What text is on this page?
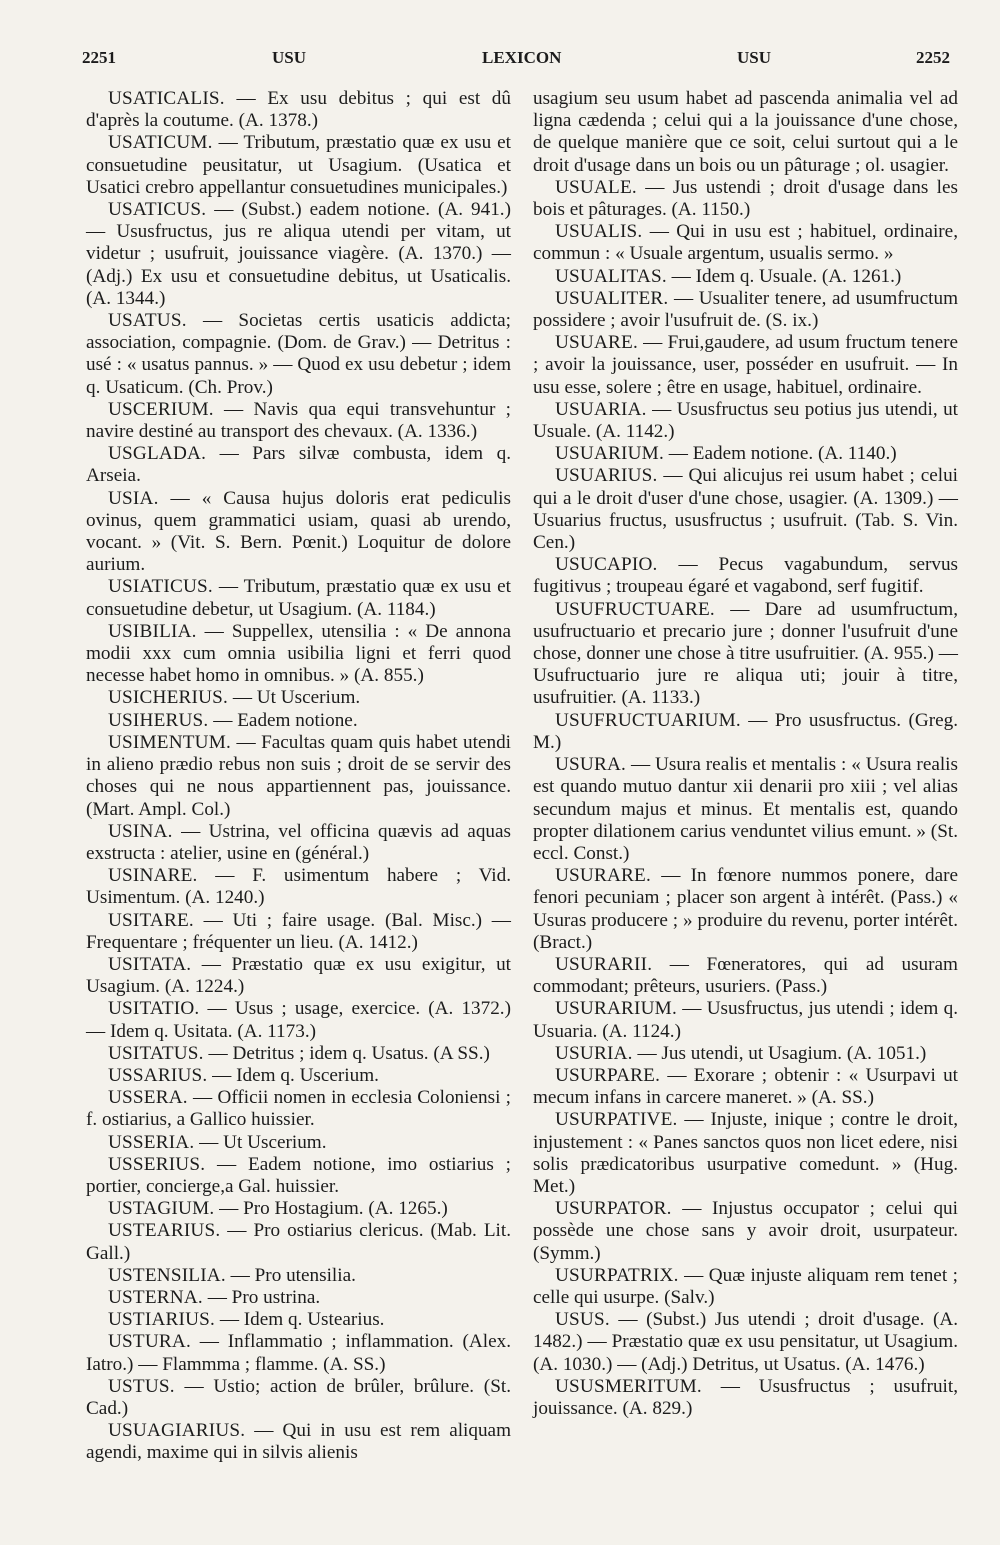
2251	USU	LEXICON	USU	2252

USATICALIS. — Ex usu debitus ; qui est dû d'après la coutume. (A. 1378.)

USATICUM. — Tributum, præstatio quæ ex usu et consuetudine peusitatur, ut Usagium. (Usatica et Usatici crebro appellantur consuetudines municipales.)

USATICUS. — (Subst.) eadem notione. (A. 941.) — Ususfructus, jus re aliqua utendi per vitam, ut videtur ; usufruit, jouissance viagère. (A. 1370.) — (Adj.) Ex usu et consuetudine debitus, ut Usaticalis. (A. 1344.)

USATUS. — Societas certis usaticis addicta; association, compagnie. (Dom. de Grav.) — Detritus : usé : « usatus pannus. » — Quod ex usu debetur ; idem q. Usaticum. (Ch. Prov.)

USCERIUM. — Navis qua equi transvehuntur ; navire destiné au transport des chevaux. (A. 1336.)

USGLADA. — Pars silvæ combusta, idem q. Arseia.

USIA. — « Causa hujus doloris erat pediculis ovinus, quem grammatici usiam, quasi ab urendo, vocant. » (Vit. S. Bern. Pœnit.) Loquitur de dolore aurium.

USIATICUS. — Tributum, præstatio quæ ex usu et consuetudine debetur, ut Usagium. (A. 1184.)

USIBILIA. — Suppellex, utensilia : « De annona modii xxx cum omnia usibilia ligni et ferri quod necesse habet homo in omnibus. » (A. 855.)

USICHERIUS. — Ut Uscerium.

USIHERUS. — Eadem notione.

USIMENTUM. — Facultas quam quis habet utendi in alieno prædio rebus non suis ; droit de se servir des choses qui ne nous appartiennent pas, jouissance. (Mart. Ampl. Col.)

USINA. — Ustrina, vel officina quævis ad aquas exstructa : atelier, usine en (général.)

USINARE. — F. usimentum habere ; Vid. Usimentum. (A. 1240.)

USITARE. — Uti ; faire usage. (Bal. Misc.) — Frequentare ; fréquenter un lieu. (A. 1412.)

USITATA. — Præstatio quæ ex usu exigitur, ut Usagium. (A. 1224.)

USITATIO. — Usus ; usage, exercice. (A. 1372.) — Idem q. Usitata. (A. 1173.)

USITATUS. — Detritus ; idem q. Usatus. (A SS.)

USSARIUS. — Idem q. Uscerium.

USSERA. — Officii nomen in ecclesia Coloniensi ; f. ostiarius, a Gallico huissier.

USSERIA. — Ut Uscerium.

USSERIUS. — Eadem notione, imo ostiarius ; portier, concierge,a Gal. huissier.

USTAGIUM. — Pro Hostagium. (A. 1265.)

USTEARIUS. — Pro ostiarius clericus. (Mab. Lit. Gall.)

USTENSILIA. — Pro utensilia.

USTERNA. — Pro ustrina.

USTIARIUS. — Idem q. Ustearius.

USTURA. — Inflammatio ; inflammation. (Alex. Iatro.) — Flammma ; flamme. (A. SS.)

USTUS. — Ustio; action de brûler, brûlure. (St. Cad.)

USUAGIARIUS. — Qui in usu est rem aliquam agendi, maxime qui in silvis alienis

usagium seu usum habet ad pascenda animalia vel ad ligna cædenda ; celui qui a la jouissance d'une chose, de quelque manière que ce soit, celui surtout qui a le droit d'usage dans un bois ou un pâturage ; ol. usagier.

USUALE. — Jus ustendi ; droit d'usage dans les bois et pâturages. (A. 1150.)

USUALIS. — Qui in usu est ; habituel, ordinaire, commun : « Usuale argentum, usualis sermo. »

USUALITAS. — Idem q. Usuale. (A. 1261.)

USUALITER. — Usualiter tenere, ad usumfructum possidere ; avoir l'usufruit de. (S. ix.)

USUARE. — Frui,gaudere, ad usum fructum tenere ; avoir la jouissance, user, posséder en usufruit. — In usu esse, solere ; être en usage, habituel, ordinaire.

USUARIA. — Ususfructus seu potius jus utendi, ut Usuale. (A. 1142.)

USUARIUM. — Eadem notione. (A. 1140.)

USUARIUS. — Qui alicujus rei usum habet ; celui qui a le droit d'user d'une chose, usagier. (A. 1309.) — Usuarius fructus, ususfructus ; usufruit. (Tab. S. Vin. Cen.)

USUCAPIO. — Pecus vagabundum, servus fugitivus ; troupeau égaré et vagabond, serf fugitif.

USUFRUCTUARE. — Dare ad usumfructum, usufructuario et precario jure ; donner l'usufruit d'une chose, donner une chose à titre usufruitier. (A. 955.) — Usufructuario jure re aliqua uti; jouir à titre, usufruitier. (A. 1133.)

USUFRUCTUARIUM. — Pro ususfructus. (Greg. M.)

USURA. — Usura realis et mentalis : « Usura realis est quando mutuo dantur xii denarii pro xiii ; vel alias secundum majus et minus. Et mentalis est, quando propter dilationem carius venduntet vilius emunt. » (St. eccl. Const.)

USURARE. — In fœnore nummos ponere, dare fenori pecuniam ; placer son argent à intérêt. (Pass.) « Usuras producere ; » produire du revenu, porter intérêt. (Bract.)

USURARII. — Fœneratores, qui ad usuram commodant; prêteurs, usuriers. (Pass.)

USURARIUM. — Ususfructus, jus utendi ; idem q. Usuaria. (A. 1124.)

USURIA. — Jus utendi, ut Usagium. (A. 1051.)

USURPARE. — Exorare ; obtenir : « Usurpavi ut mecum infans in carcere maneret. » (A. SS.)

USURPATIVE. — Injuste, inique ; contre le droit, injustement : « Panes sanctos quos non licet edere, nisi solis prædicatoribus usurpative comedunt. » (Hug. Met.)

USURPATOR. — Injustus occupator ; celui qui possède une chose sans y avoir droit, usurpateur. (Symm.)

USURPATRIX. — Quæ injuste aliquam rem tenet ; celle qui usurpe. (Salv.)

USUS. — (Subst.) Jus utendi ; droit d'usage. (A. 1482.) — Præstatio quæ ex usu pensitatur, ut Usagium. (A. 1030.) — (Adj.) Detritus, ut Usatus. (A. 1476.)

USUSMERITUM. — Ususfructus ; usufruit, jouissance. (A. 829.)
